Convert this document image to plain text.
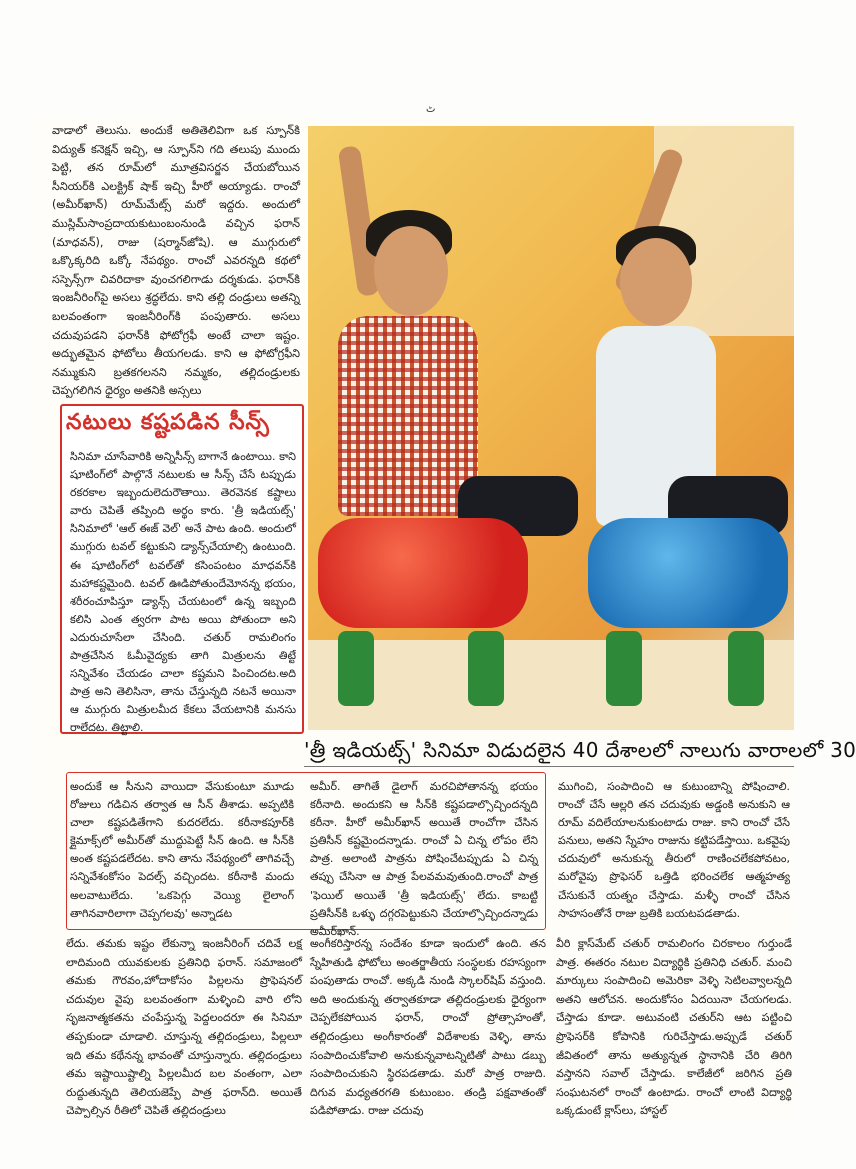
ٹ

వాడాలో తెలుసు. అందుకే అతితెలివిగా ఒక స్పూన్‌కి విద్యుత్ కనెక్షన్ ఇచ్చి, ఆ స్పూన్‌ని గది తలుపు ముందు పెట్టి, తన రూమ్‌లో మూత్రవిసర్జన చేయబోయిన సీనియర్‌కి ఎలక్ట్రిక్ షాక్ ఇచ్చి హీరో అయ్యాడు. రాంచో (అమీర్‌ఖాన్) రూమ్‌మేట్స్ మరో ఇద్దరు. అందులో ముస్లిమ్‌సాంప్రదాయకుటుంబంనుండి వచ్చిన ఫరాన్ (మాధవన్), రాజు (షర్మాన్‌జోషి). ఆ ముగ్గురులో ఒక్కొక్కరిది ఒక్కో నేపథ్యం. రాంచో ఎవరన్నది కథలో సస్పెన్స్‌గా చివరిదాకా వుంచగలిగాడు దర్శకుడు. ఫరాన్‌కి ఇంజనీరింగ్‌పై అసలు శ్రద్ధలేదు. కాని తల్లి దండ్రులు అతన్ని బలవంతంగా ఇంజనీరింగ్‌కి పంపుతారు. అసలు చదువుపడని ఫరాన్‌కి ఫోటోగ్రఫీ అంటే చాలా ఇష్టం. అద్భుతమైన ఫోటోలు తీయగలడు. కాని ఆ ఫోటోగ్రఫీని నమ్ముకుని బ్రతకగలనని నమ్మకం, తల్లిదండ్రులకు చెప్పగలిగిన ధైర్యం అతనికి అస్సలు

నటులు కష్టపడిన సీన్స్

సినిమా చూసేవారికి అన్నిసీన్స్ బాగానే ఉంటాయి. కాని షూటింగ్‌లో పాల్గొనే నటులకు ఆ సీన్స్ చేసే టప్పుడు రకరకాల ఇబ్బందులెదురౌతాయి. తెరవెనక కష్టాలు వారు చెపితే తప్పింది అర్థం కారు. 'త్రీ ఇడియట్స్' సినిమాలో 'ఆల్ ఈజ్ వెల్' అనే పాట ఉంది. అందులో ముగ్గురు టవల్ కట్టుకుని డ్యాన్స్‌చేయాల్సి ఉంటుంది. ఈ షూటింగ్‌లో టవల్‌తో కసింపంటం మాధవన్‌కి మహాకష్టమైంది. టవల్ ఊడిపోతుందేమోనన్న భయం, శరీరంచూపిస్తూ డ్యాన్స్ చేయటంలో ఉన్న ఇబ్బంది కలిసి ఎంత త్వరగా పాట అయి పోతుందా అని ఎదురుచూసేలా చేసింది. చతుర్ రామలింగం పాత్రచేసిన ఓమీవైద్యకు తాగి మిత్రులను తిట్టే సన్నివేశం చేయడం చాలా కష్టమని పించిందట.అది పాత్ర అని తెలిసినా, తాను చేస్తున్నది నటనే అయినా ఆ ముగ్గురు మిత్రులమీద కేకలు వేయటానికి మనసు రాలేదట. తిట్టాలి.

'త్రీ ఇడియట్స్' సినిమా విడుదలైన 40 దేశాలలో నాలుగు వారాలలో 30

అందుకే ఆ సీనుని వాయిదా వేసుకుంటూ మూడు రోజులు గడిచిన తర్వాత ఆ సీన్ తీశాడు. అప్పటికి చాలా కష్టపడితేగాని కుదరలేదు. కరీనాకపూర్‌కి క్లైమాక్స్‌లో అమీర్‌తో ముద్దుపెట్టే సీన్ ఉంది. ఆ సీన్‌కి అంత కష్టపడలేదట. కాని తాను నేపథ్యంలో తాగివచ్చే సన్నివేశంకోసం పెదల్స్ వచ్చిందట. కరీనాకి మందు అలవాటులేదు. 'ఒకపెగ్గు వెయ్యి లైలాంగ్ తాగినవారిలాగా చెప్పగలవు' అన్నాడట

అమీర్. తాగితే డైలాగ్ మరచిపోతానన్న భయం కరీనాది. అందుకని ఆ సీన్‌కి కష్టపడాల్సొచ్చిందన్నది కరీనా. హీరో అమీర్‌ఖాన్ అయితే రాంచోగా చేసిన ప్రతిసీన్ కష్టమైందన్నాడు. రాంచో ఏ చిన్న లోపం లేని పాత్ర. అలాంటి పాత్రను పోషించేటప్పుడు ఏ చిన్న తప్పు చేసినా ఆ పాత్ర పేలవమవుతుంది.రాంచో పాత్ర 'ఫెయిల్ అయితే 'త్రీ ఇడియట్స్' లేదు. కాబట్టి ప్రతిసీన్‌కి ఒళ్ళు దగ్గరపెట్టుకుని చేయాల్సొచ్చిందన్నాడు అమీర్‌ఖాన్.

ముగించి, సంపాదించి ఆ కుటుంబాన్ని పోషించాలి. రాంచో చేసే ఆల్లరి తన చదువుకు అడ్డంకి అనుకుని ఆ రూమ్ వదిలేయాలనుకుంటాడు రాజు. కాని రాంచో చేసే పనులు, అతని స్నేహం రాజును కట్టిపడేస్తాయి. ఒకవైపు చదువులో అనుకున్న తీరులో రాణించలేకపోవటం, మరోవైపు ప్రొఫెసర్ ఒత్తిడి భరించలేక ఆత్మహత్య చేసుకునే యత్నం చేస్తాడు. మళ్ళీ రాంచో చేసిన సాహసంతోనే రాజు బ్రతికి బయటపడతాడు.

లేదు. తమకు ఇష్టం లేకున్నా ఇంజనీరింగ్ చదివే లక్ష లాదిమంది యువకులకు ప్రతినిధి ఫరాన్. సమాజంలో తమకు గౌరవం,హోదాకోసం పిల్లలను ప్రొఫెషనల్ చదువుల వైపు బలవంతంగా మళ్ళించి వారి లోని సృజనాత్మకతను చంపేస్తున్న పెద్దలందరూ ఈ సినిమా తప్పకుండా చూడాలి. చూస్తున్న తల్లిదండ్రులు, పిల్లలూ ఇది తమ కథేనన్న భావంతో చూస్తున్నారు. తల్లిదండ్రులు తమ ఇష్టాయిష్టాల్ని పిల్లలమీద బల వంతంగా, ఎలా రుద్దుతున్నది తెలియజెప్పే పాత్ర ఫరాన్‌ది. అయితే చెప్పాల్సిన రీతిలో చెపితే తల్లిదండ్రులు

అంగీకరిస్తారన్న సందేశం కూడా ఇందులో ఉంది. తన స్నేహితుడి ఫోటోలు అంతర్జాతీయ సంస్థలకు రహస్యంగా పంపుతాడు రాంచో. అక్కడి నుండి స్కాలర్‌షిప్ వస్తుంది. అది అందుకున్న తర్వాతకూడా తల్లిదండ్రులకు ధైర్యంగా చెప్పలేకపోయిన ఫరాన్, రాంచో ప్రోత్సాహంతో, తల్లిదండ్రులు అంగీకారంతో విదేశాలకు వెళ్ళి, తాను సంపాదించుకోవాలి అనుకున్నవాటన్నిటితో పాటు డబ్బు సంపాదించుకుని స్థిరపడతాడు. మరో పాత్ర రాజుది. దిగువ మధ్యతరగతి కుటుంబం. తండ్రి పక్షవాతంతో పడిపోతాడు. రాజు చదువు

వీరి క్లాస్‌మేట్ చతుర్ రామలింగం చిరకాలం గుర్తుండే పాత్ర. ఈతరం నటుల విద్యార్థికి ప్రతినిధి చతుర్. మంచి మార్కులు సంపాదించి అమెరికా వెళ్ళి సెటిలవ్వాలన్నది అతని ఆలోచన. అందుకోసం ఏదయినా చేయగలడు. చేస్తాడు కూడా. అటువంటి చతుర్‌ని ఆట పట్టించి ప్రొఫెసర్‌కి కోపానికి గురిచేస్తాడు.అప్పుడే చతుర్ జీవితంలో తాను అత్యున్నత స్థానానికి చేరి తిరిగి వస్తానని సవాల్ చేస్తాడు. కాలేజీలో జరిగిన ప్రతి సంఘటనలో రాంచో ఉంటాడు. రాంచో లాంటి విద్యార్థి ఒక్కడుంటే క్లాస్‌లు, హాస్టల్
